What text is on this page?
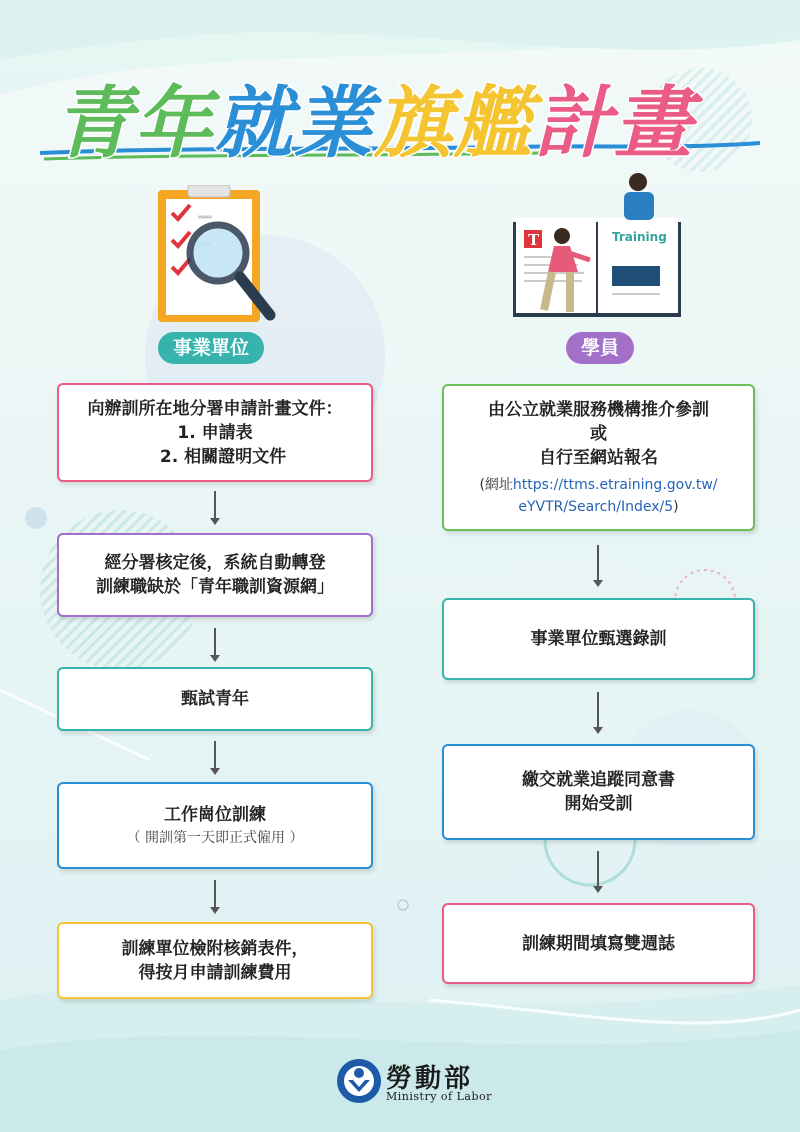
青年就業旗艦計畫
T	Training
事業單位	學員
向辦訓所在地分署申請計畫文件：
1. 申請表
2. 相關證明文件
經分署核定後，系統自動轉登
訓練職缺於「青年職訓資源網」
甄試青年
工作崗位訓練
（ 開訓第一天即正式僱用 ）
訓練單位檢附核銷表件，
得按月申請訓練費用
由公立就業服務機構推介參訓
或
自行至網站報名
(網址https://ttms.etraining.gov.tw/
eYVTR/Search/Index/5)
事業單位甄選錄訓
繳交就業追蹤同意書
開始受訓
訓練期間填寫雙週誌
勞動部
Ministry of Labor
